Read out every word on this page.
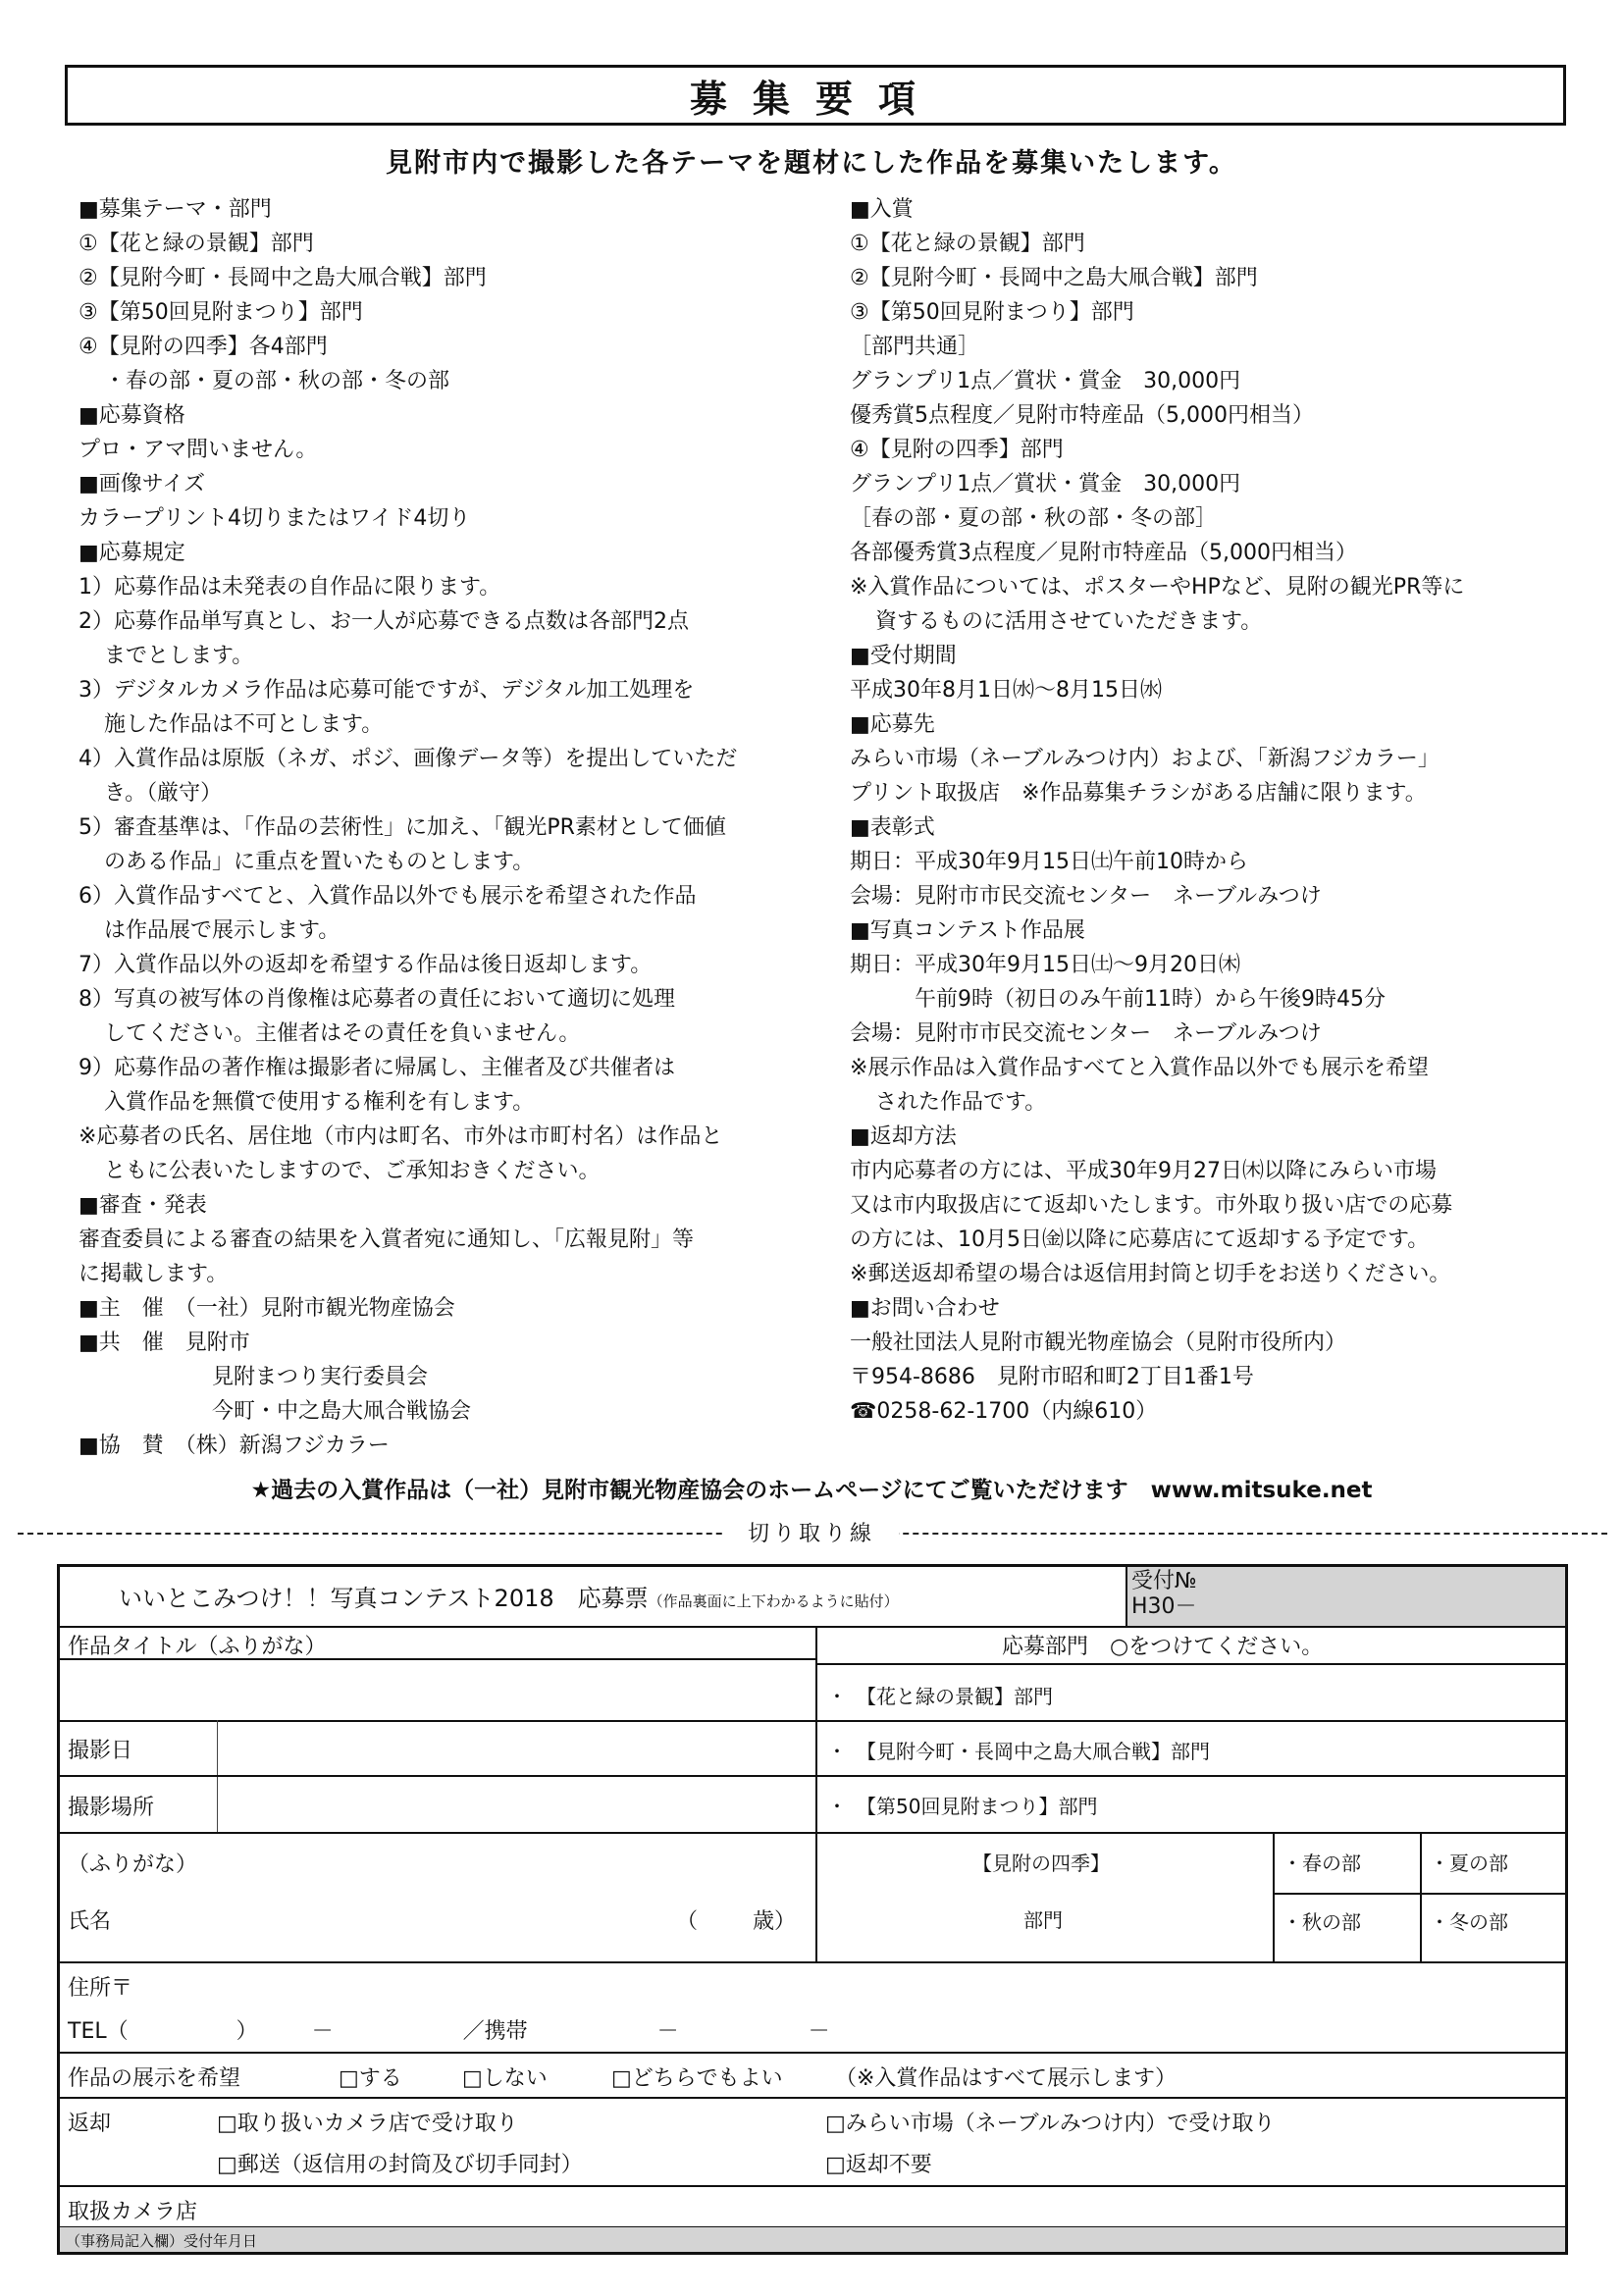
募集要項
見附市内で撮影した各テーマを題材にした作品を募集いたします。
■募集テーマ・部門
①【花と緑の景観】部門
②【見附今町・長岡中之島大凧合戦】部門
③【第50回見附まつり】部門
④【見附の四季】各4部門
・春の部・夏の部・秋の部・冬の部
■応募資格
プロ・アマ問いません。
■画像サイズ
カラープリント4切りまたはワイド4切り
■応募規定
1）応募作品は未発表の自作品に限ります。
2）応募作品単写真とし、お一人が応募できる点数は各部門2点
までとします。
3）デジタルカメラ作品は応募可能ですが、デジタル加工処理を
施した作品は不可とします。
4）入賞作品は原版（ネガ、ポジ、画像データ等）を提出していただ
き。（厳守）
5）審査基準は、「作品の芸術性」に加え、「観光PR素材として価値
のある作品」に重点を置いたものとします。
6）入賞作品すべてと、入賞作品以外でも展示を希望された作品
は作品展で展示します。
7）入賞作品以外の返却を希望する作品は後日返却します。
8）写真の被写体の肖像権は応募者の責任において適切に処理
してください。主催者はその責任を負いません。
9）応募作品の著作権は撮影者に帰属し、主催者及び共催者は
入賞作品を無償で使用する権利を有します。
※応募者の氏名、居住地（市内は町名、市外は市町村名）は作品と
ともに公表いたしますので、ご承知おきください。
■審査・発表
審査委員による審査の結果を入賞者宛に通知し、「広報見附」等
に掲載します。
■主　催　（一社）見附市観光物産協会
■共　催　見附市
見附まつり実行委員会
今町・中之島大凧合戦協会
■協　賛　（株）新潟フジカラー
■入賞
①【花と緑の景観】部門
②【見附今町・長岡中之島大凧合戦】部門
③【第50回見附まつり】部門
［部門共通］
グランプリ1点／賞状・賞金　30,000円
優秀賞5点程度／見附市特産品（5,000円相当）
④【見附の四季】部門
グランプリ1点／賞状・賞金　30,000円
［春の部・夏の部・秋の部・冬の部］
各部優秀賞3点程度／見附市特産品（5,000円相当）
※入賞作品については、ポスターやHPなど、見附の観光PR等に
資するものに活用させていただきます。
■受付期間
平成30年8月1日㈬～8月15日㈬
■応募先
みらい市場（ネーブルみつけ内）および、「新潟フジカラー」
プリント取扱店　※作品募集チラシがある店舗に限ります。
■表彰式
期日：平成30年9月15日㈯午前10時から
会場：見附市市民交流センター　ネーブルみつけ
■写真コンテスト作品展
期日：平成30年9月15日㈯～9月20日㈭
午前9時（初日のみ午前11時）から午後9時45分
会場：見附市市民交流センター　ネーブルみつけ
※展示作品は入賞作品すべてと入賞作品以外でも展示を希望
された作品です。
■返却方法
市内応募者の方には、平成30年9月27日㈭以降にみらい市場
又は市内取扱店にて返却いたします。市外取り扱い店での応募
の方には、10月5日㈮以降に応募店にて返却する予定です。
※郵送返却希望の場合は返信用封筒と切手をお送りください。
■お問い合わせ
一般社団法人見附市観光物産協会（見附市役所内）
〒954-8686　見附市昭和町2丁目1番1号
☎0258-62-1700（内線610）
★過去の入賞作品は（一社）見附市観光物産協会のホームページにてご覧いただけます　www.mitsuke.net
切り取り線
いいとこみつけ！！写真コンテスト2018　応募票（作品裏面に上下わかるように貼付）
受付№
H30－
作品タイトル（ふりがな）	応募部門　○をつけてください。
・　【花と緑の景観】部門
撮影日	・　【見附今町・長岡中之島大凧合戦】部門
撮影場所	・　【第50回見附まつり】部門
（ふりがな）
氏名	（	歳）
【見附の四季】
部門
・春の部	・夏の部
・秋の部	・冬の部
住所〒
TEL（　　　　　）　　　－　　　　　　／携帯　　　　　　－　　　　　　－
作品の展示を希望	□する	□しない	□どちらでもよい （※入賞作品はすべて展示します）
返却	□取り扱いカメラ店で受け取り	□みらい市場（ネーブルみつけ内）で受け取り
□郵送（返信用の封筒及び切手同封）	□返却不要
取扱カメラ店
（事務局記入欄）受付年月日
